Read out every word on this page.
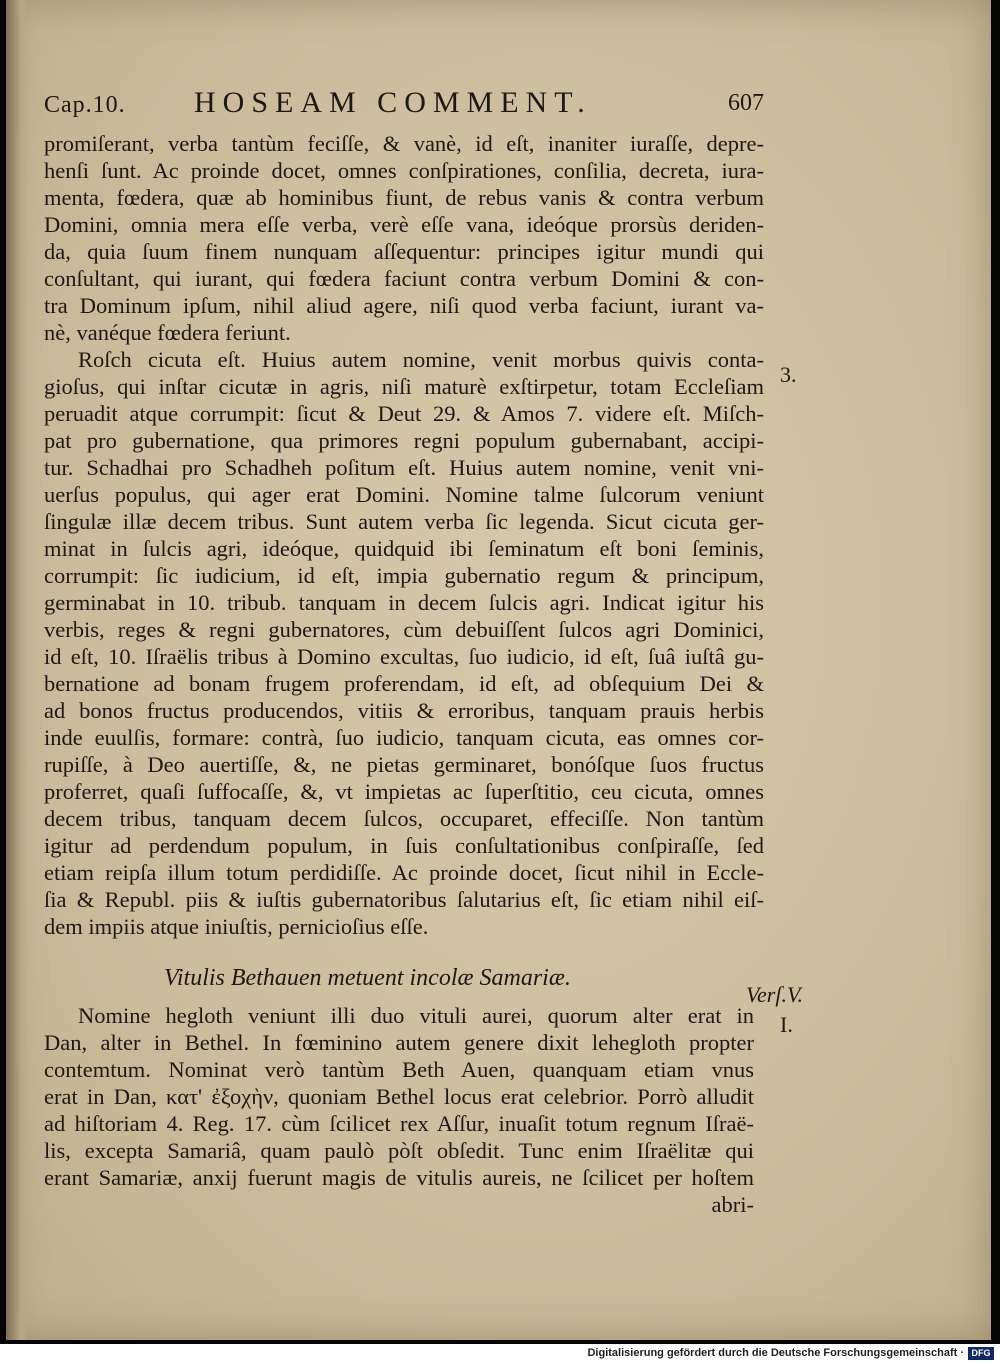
Cap.10. HOSEAM COMMENT.	607
promiſerant, verba tantùm feciſſe, & vanè, id eſt, inaniter iuraſſe, depre-
henſi ſunt. Ac proinde docet, omnes conſpirationes, conſilia, decreta, iura-
menta, fœdera, quæ ab hominibus fiunt, de rebus vanis & contra verbum
Domini, omnia mera eſſe verba, verè eſſe vana, ideóque prorsùs deriden-
da, quia ſuum finem nunquam aſſequentur: principes igitur mundi qui
conſultant, qui iurant, qui fœdera faciunt contra verbum Domini & con-
tra Dominum ipſum, nihil aliud agere, niſi quod verba faciunt, iurant va-
nè, vanéque fœdera feriunt.
Roſch cicuta eſt. Huius autem nomine, venit morbus quivis conta-
gioſus, qui inſtar cicutæ in agris, niſi maturè exſtirpetur, totam Eccleſiam
peruadit atque corrumpit: ſicut & Deut 29. & Amos 7. videre eſt. Miſch-
pat pro gubernatione, qua primores regni populum gubernabant, accipi-
tur. Schadhai pro Schadheh poſitum eſt. Huius autem nomine, venit vni-
uerſus populus, qui ager erat Domini. Nomine talme ſulcorum veniunt
ſingulæ illæ decem tribus. Sunt autem verba ſic legenda. Sicut cicuta ger-
minat in ſulcis agri, ideóque, quidquid ibi ſeminatum eſt boni ſeminis,
corrumpit: ſic iudicium, id eſt, impia gubernatio regum & principum,
germinabat in 10. tribub. tanquam in decem ſulcis agri. Indicat igitur his
verbis, reges & regni gubernatores, cùm debuiſſent ſulcos agri Dominici,
id eſt, 10. Iſraëlis tribus à Domino excultas, ſuo iudicio, id eſt, ſuâ iuſtâ gu-
bernatione ad bonam frugem proferendam, id eſt, ad obſequium Dei &
ad bonos fructus producendos, vitiis & erroribus, tanquam prauis herbis
inde euulſis, formare: contrà, ſuo iudicio, tanquam cicuta, eas omnes cor-
rupiſſe, à Deo auertiſſe, &, ne pietas germinaret, bonóſque ſuos fructus
proferret, quaſi ſuffocaſſe, &, vt impietas ac ſuperſtitio, ceu cicuta, omnes
decem tribus, tanquam decem ſulcos, occuparet, effeciſſe. Non tantùm
igitur ad perdendum populum, in ſuis conſultationibus conſpiraſſe, ſed
etiam reipſa illum totum perdidiſſe. Ac proinde docet, ſicut nihil in Eccle-
ſia & Republ. piis & iuſtis gubernatoribus ſalutarius eſt, ſic etiam nihil eiſ-
dem impiis atque iniuſtis, pernicioſius eſſe.
Vitulis Bethauen metuent incolæ Samariæ.
Nomine hegloth veniunt illi duo vituli aurei, quorum alter erat in
Dan, alter in Bethel. In fœminino autem genere dixit lehegloth propter
contemtum. Nominat verò tantùm Beth Auen, quanquam etiam vnus
erat in Dan, κατ' ἐξοχὴν, quoniam Bethel locus erat celebrior. Porrò alludit
ad hiſtoriam 4. Reg. 17. cùm ſcilicet rex Aſſur, inuaſit totum regnum Iſraë-
lis, excepta Samariâ, quam paulò pòſt obſedit. Tunc enim Iſraëlitæ qui
erant Samariæ, anxij fuerunt magis de vitulis aureis, ne ſcilicet per hoſtem
abri-
3.
Verſ.V.
I.
Digitalisierung gefördert durch die Deutsche Forschungsgemeinschaft · DFG
